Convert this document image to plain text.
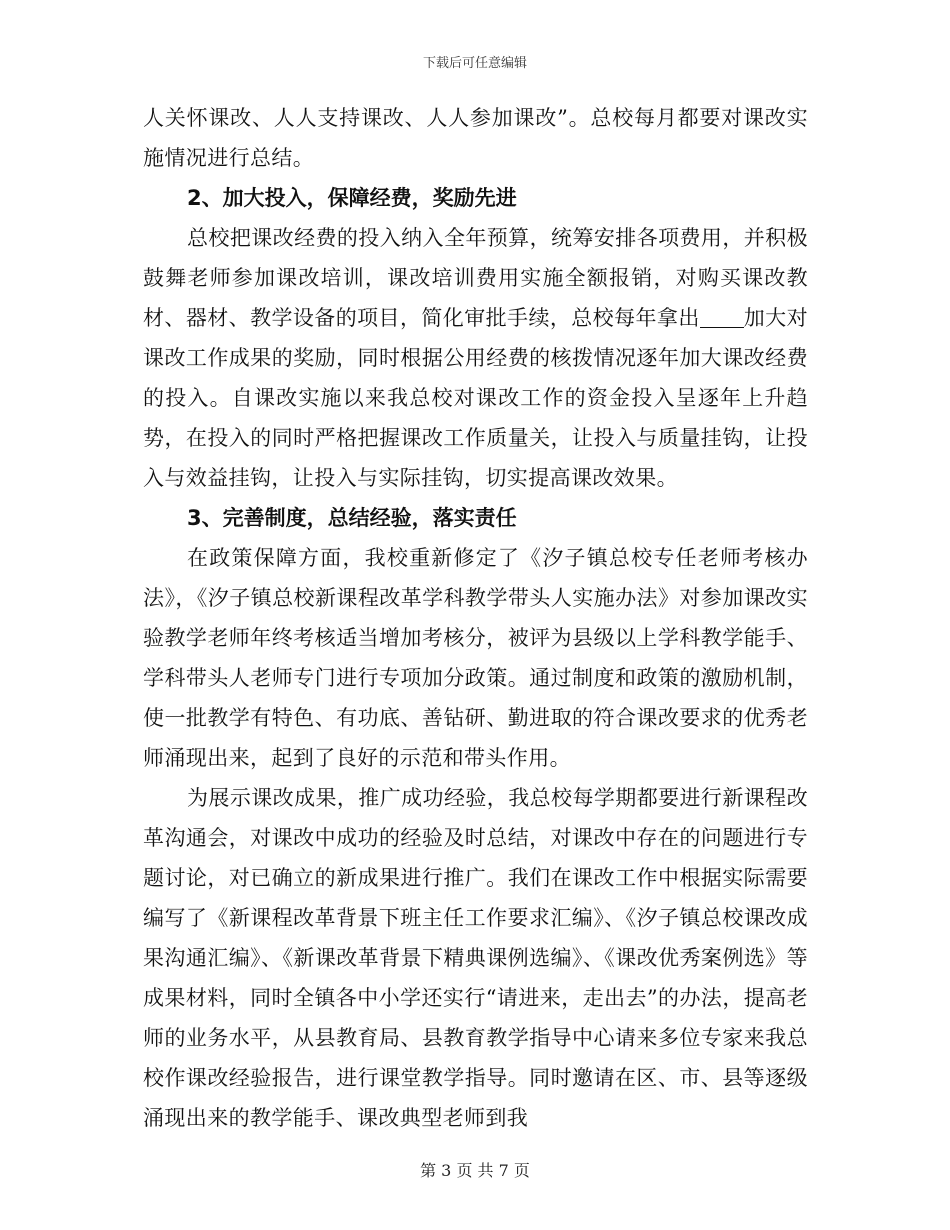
下载后可任意编辑

人关怀课改、人人支持课改、人人参加课改”。总校每月都要对课改实施情况进行总结。

2、加大投入，保障经费，奖励先进

总校把课改经费的投入纳入全年预算，统筹安排各项费用，并积极鼓舞老师参加课改培训，课改培训费用实施全额报销，对购买课改教材、器材、教学设备的项目，简化审批手续，总校每年拿出 加大对课改工作成果的奖励，同时根据公用经费的核拨情况逐年加大课改经费的投入。自课改实施以来我总校对课改工作的资金投入呈逐年上升趋势，在投入的同时严格把握课改工作质量关，让投入与质量挂钩，让投入与效益挂钩，让投入与实际挂钩，切实提高课改效果。

3、完善制度，总结经验，落实责任

在政策保障方面，我校重新修定了《汐子镇总校专任老师考核办法》，《汐子镇总校新课程改革学科教学带头人实施办法》对参加课改实验教学老师年终考核适当增加考核分，被评为县级以上学科教学能手、学科带头人老师专门进行专项加分政策。通过制度和政策的激励机制，使一批教学有特色、有功底、善钻研、勤进取的符合课改要求的优秀老师涌现出来，起到了良好的示范和带头作用。

为展示课改成果，推广成功经验，我总校每学期都要进行新课程改革沟通会，对课改中成功的经验及时总结，对课改中存在的问题进行专题讨论，对已确立的新成果进行推广。我们在课改工作中根据实际需要编写了《新课程改革背景下班主任工作要求汇编》、《汐子镇总校课改成果沟通汇编》、《新课改革背景下精典课例选编》、《课改优秀案例选》等成果材料，同时全镇各中小学还实行“请进来，走出去”的办法，提高老师的业务水平，从县教育局、县教育教学指导中心请来多位专家来我总校作课改经验报告，进行课堂教学指导。同时邀请在区、市、县等逐级涌现出来的教学能手、课改典型老师到我

第 3 页 共 7 页
